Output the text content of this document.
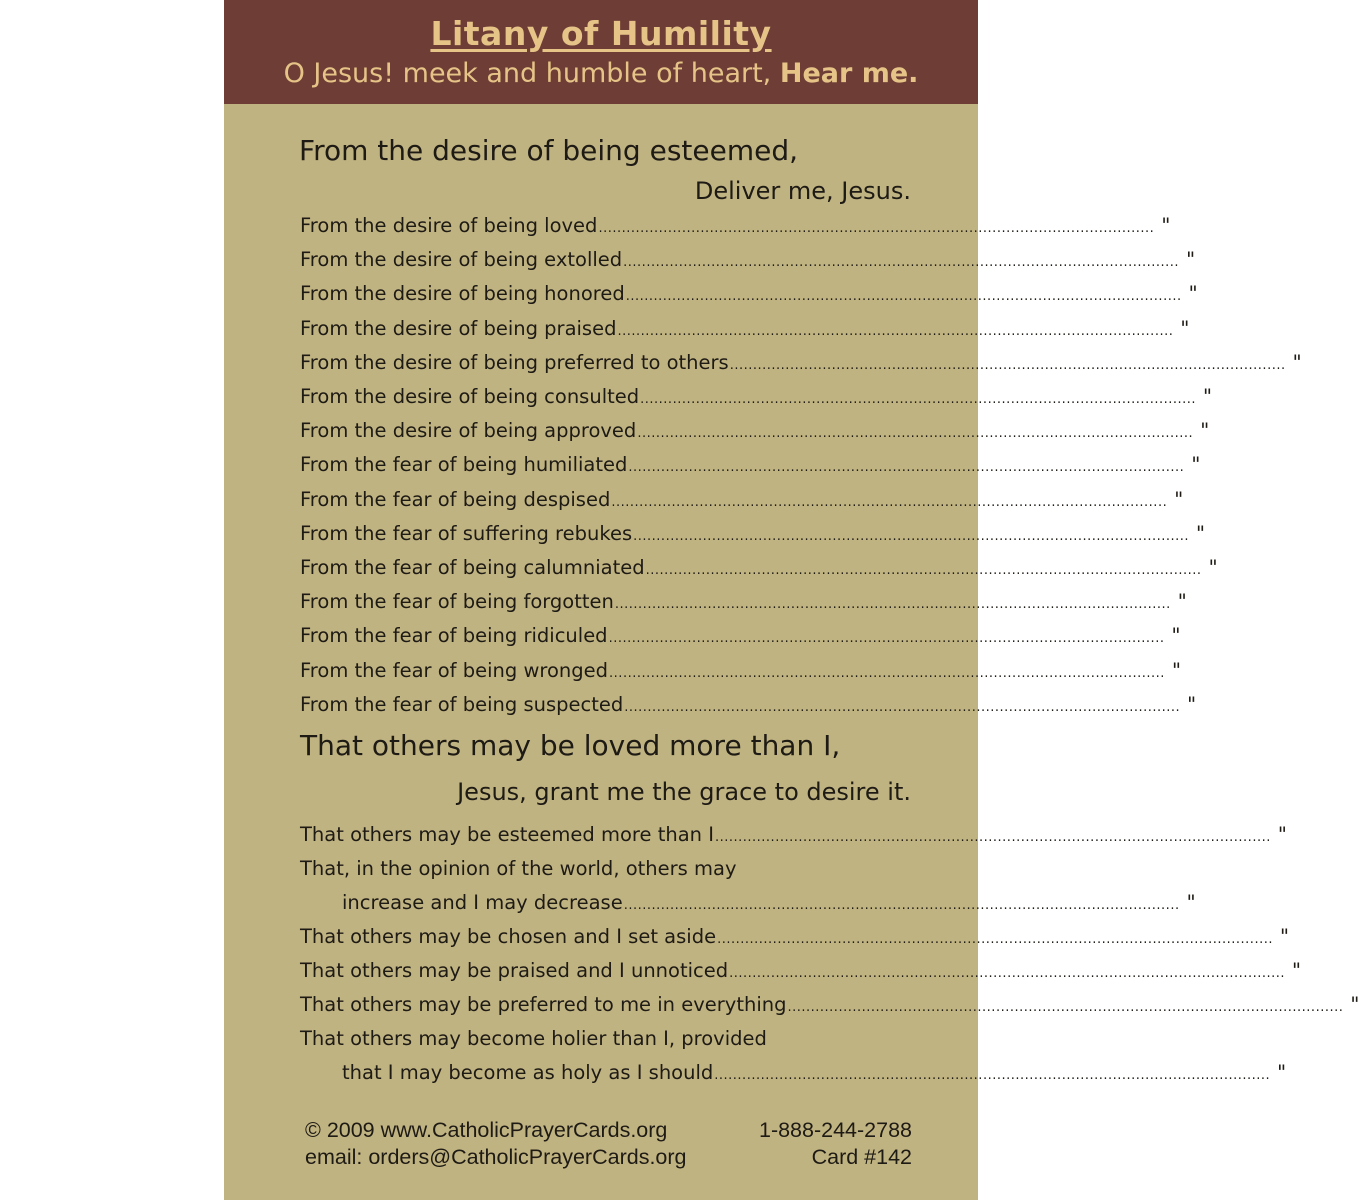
Litany of Humility
O Jesus! meek and humble of heart, Hear me.
From the desire of being esteemed,
Deliver me, Jesus.
From the desire of being loved ........................................................................................................................ "
From the desire of being extolled ........................................................................................................................ "
From the desire of being honored ........................................................................................................................ "
From the desire of being praised ........................................................................................................................ "
From the desire of being preferred to others ........................................................................................................................ "
From the desire of being consulted ........................................................................................................................ "
From the desire of being approved ........................................................................................................................ "
From the fear of being humiliated ........................................................................................................................ "
From the fear of being despised ........................................................................................................................ "
From the fear of suffering rebukes ........................................................................................................................ "
From the fear of being calumniated ........................................................................................................................ "
From the fear of being forgotten ........................................................................................................................ "
From the fear of being ridiculed ........................................................................................................................ "
From the fear of being wronged ........................................................................................................................ "
From the fear of being suspected ........................................................................................................................ "
That others may be loved more than I,
Jesus, grant me the grace to desire it.
That others may be esteemed more than I ........................................................................................................................ "
That, in the opinion of the world, others may
increase and I may decrease ........................................................................................................................ "
That others may be chosen and I set aside ........................................................................................................................ "
That others may be praised and I unnoticed ........................................................................................................................ "
That others may be preferred to me in everything ........................................................................................................................ "
That others may become holier than I, provided
that I may become as holy as I should ........................................................................................................................ "
© 2009 www.CatholicPrayerCards.org	1-888-244-2788
email: orders@CatholicPrayerCards.org	Card #142
